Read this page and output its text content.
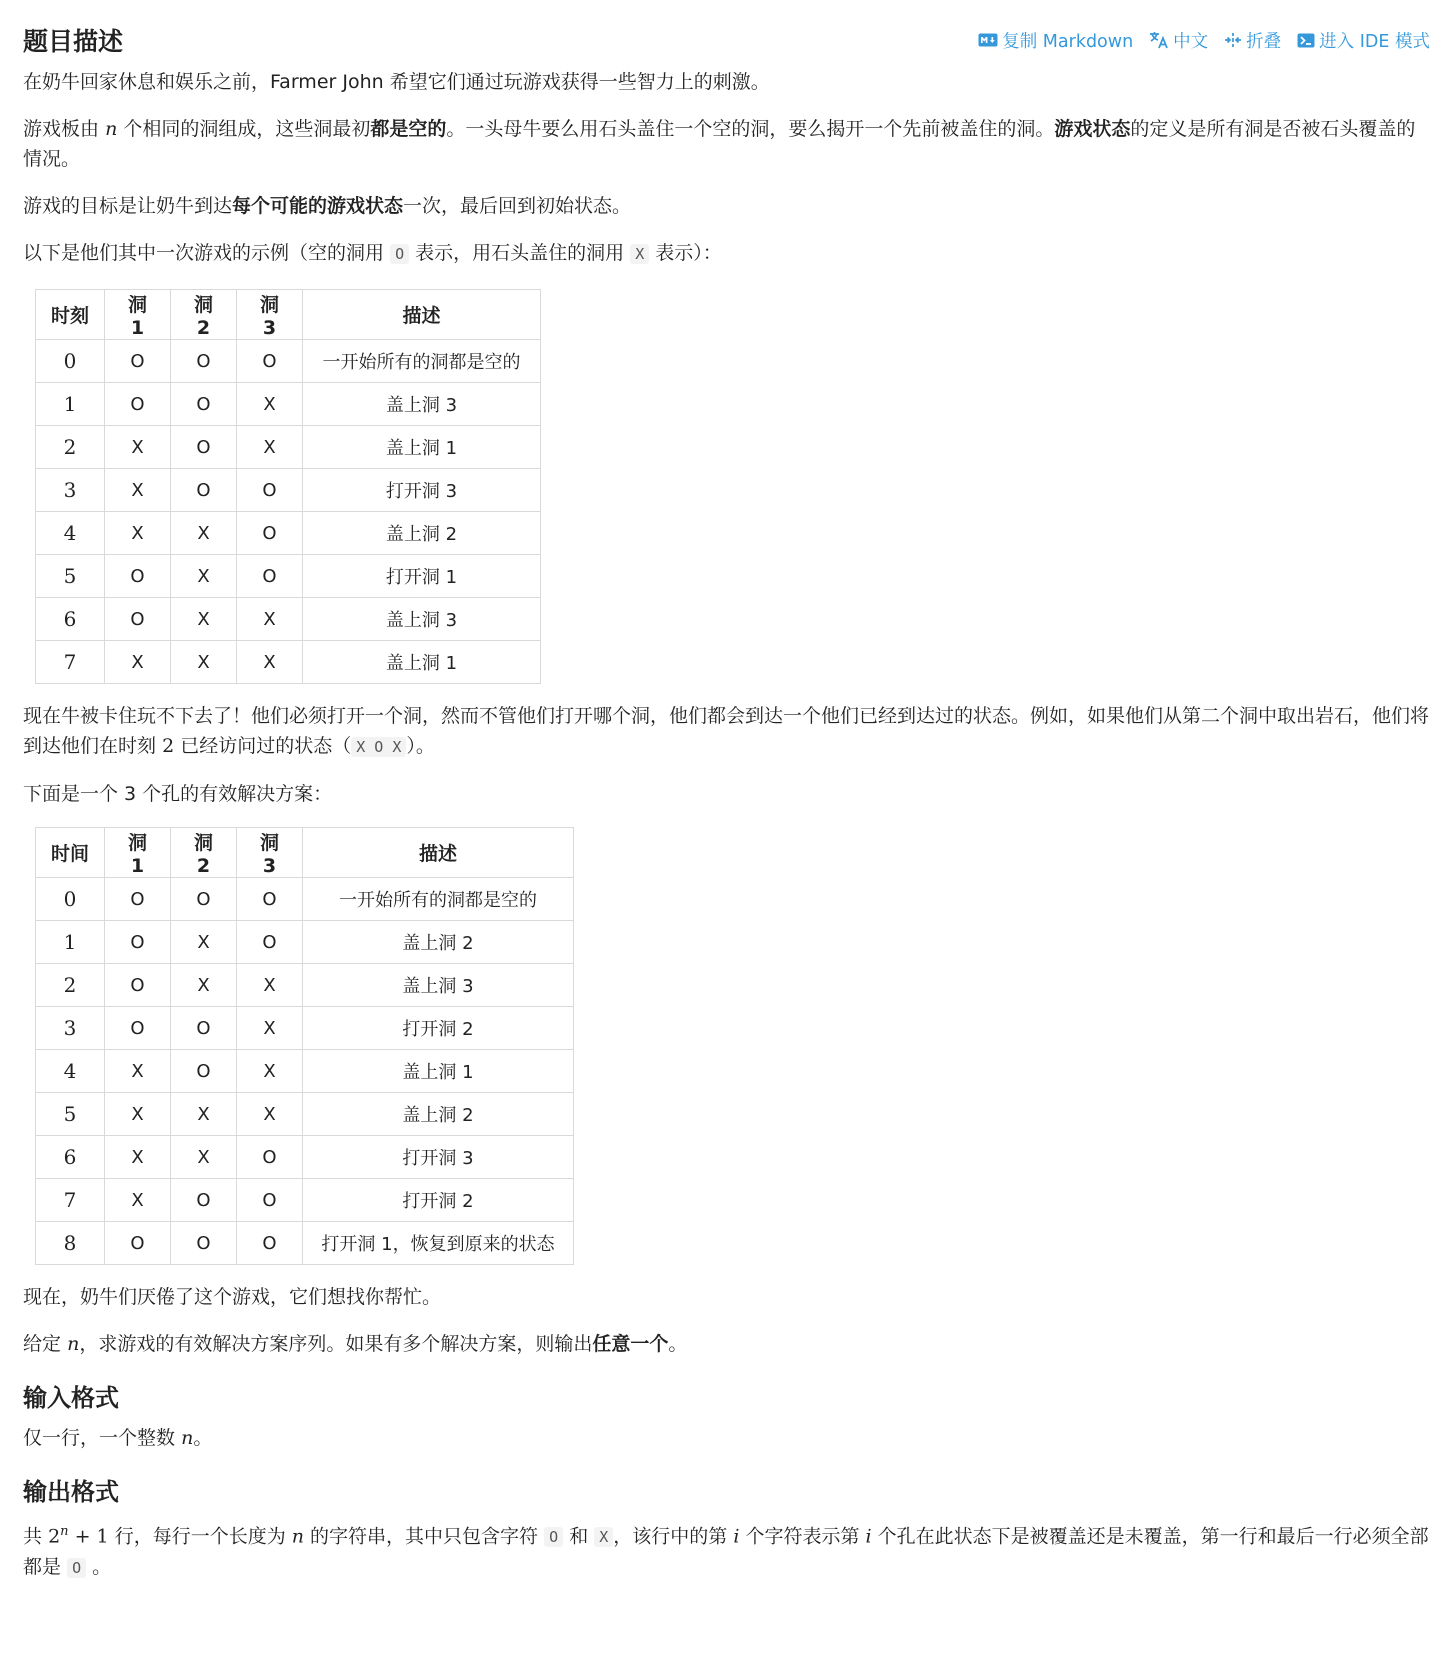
题目描述	复制 Markdown 中文 折叠 进入 IDE 模式

在奶牛回家休息和娱乐之前，Farmer John 希望它们通过玩游戏获得一些智力上的刺激。

游戏板由 n 个相同的洞组成，这些洞最初都是空的。一头母牛要么用石头盖住一个空的洞，要么揭开一个先前被盖住的洞。游戏状态的定义是所有洞是否被石头覆盖的情况。

游戏的目标是让奶牛到达每个可能的游戏状态一次，最后回到初始状态。

以下是他们其中一次游戏的示例（空的洞用 O 表示，用石头盖住的洞用 X 表示）：

时刻	洞 1	洞 2	洞 3	描述
0	O	O	O	一开始所有的洞都是空的
1	O	O	X	盖上洞 3
2	X	O	X	盖上洞 1
3	X	O	O	打开洞 3
4	X	X	O	盖上洞 2
5	O	X	O	打开洞 1
6	O	X	X	盖上洞 3
7	X	X	X	盖上洞 1

现在牛被卡住玩不下去了！他们必须打开一个洞，然而不管他们打开哪个洞，他们都会到达一个他们已经到达过的状态。例如，如果他们从第二个洞中取出岩石，他们将到达他们在时刻 2 已经访问过的状态（ X O X ）。

下面是一个 3 个孔的有效解决方案：

时间	洞 1	洞 2	洞 3	描述
0	O	O	O	一开始所有的洞都是空的
1	O	X	O	盖上洞 2
2	O	X	X	盖上洞 3
3	O	O	X	打开洞 2
4	X	O	X	盖上洞 1
5	X	X	X	盖上洞 2
6	X	X	O	打开洞 3
7	X	O	O	打开洞 2
8	O	O	O	打开洞 1，恢复到原来的状态

现在，奶牛们厌倦了这个游戏，它们想找你帮忙。

给定 n，求游戏的有效解决方案序列。如果有多个解决方案，则输出任意一个。

输入格式

仅一行，一个整数 n。

输出格式

共 $2^n + 1$ 行，每行一个长度为 n 的字符串，其中只包含字符 O 和 X ，该行中的第 i 个字符表示第 i 个孔在此状态下是被覆盖还是未覆盖，第一行和最后一行必须全部都是 O 。
